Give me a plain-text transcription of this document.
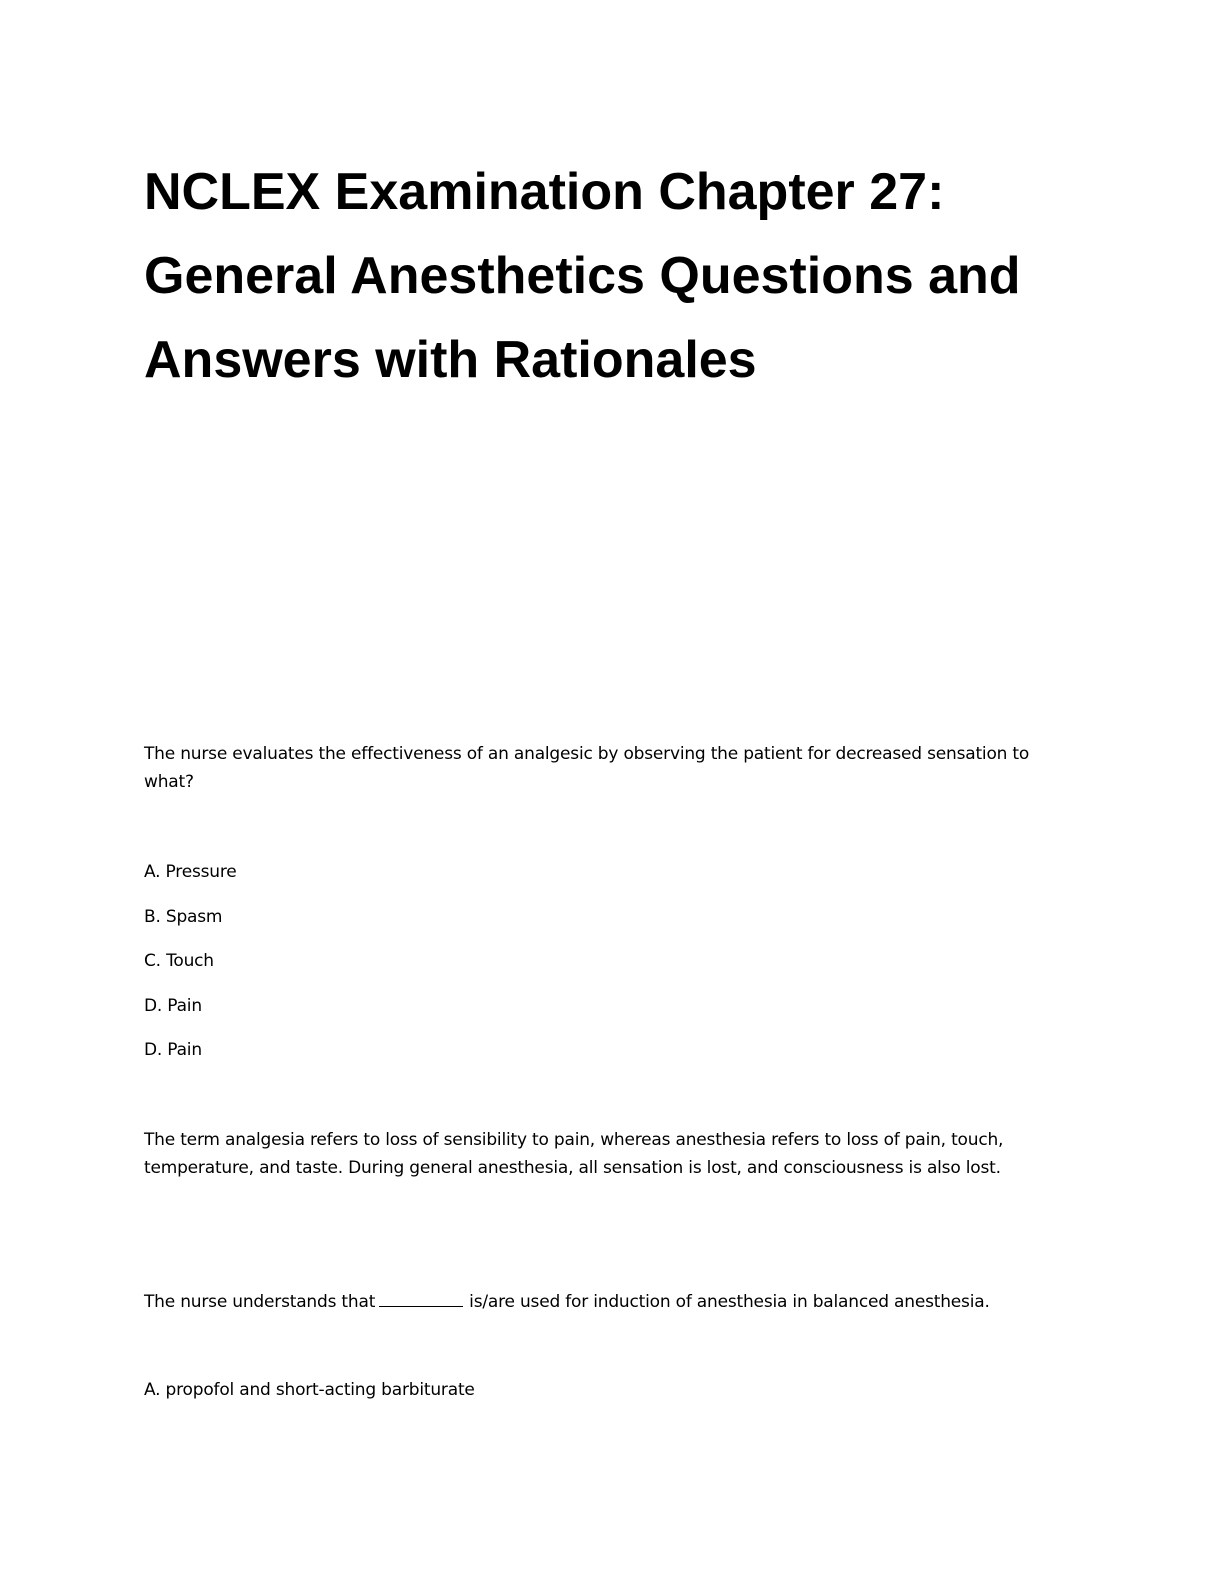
NCLEX Examination Chapter 27: General Anesthetics Questions and Answers with Rationales

The nurse evaluates the effectiveness of an analgesic by observing the patient for decreased sensation to what?

A. Pressure

B. Spasm

C. Touch

D. Pain

D. Pain

The term analgesia refers to loss of sensibility to pain, whereas anesthesia refers to loss of pain, touch, temperature, and taste. During general anesthesia, all sensation is lost, and consciousness is also lost.

The nurse understands that	is/are used for induction of anesthesia in balanced anesthesia.

A. propofol and short-acting barbiturate
